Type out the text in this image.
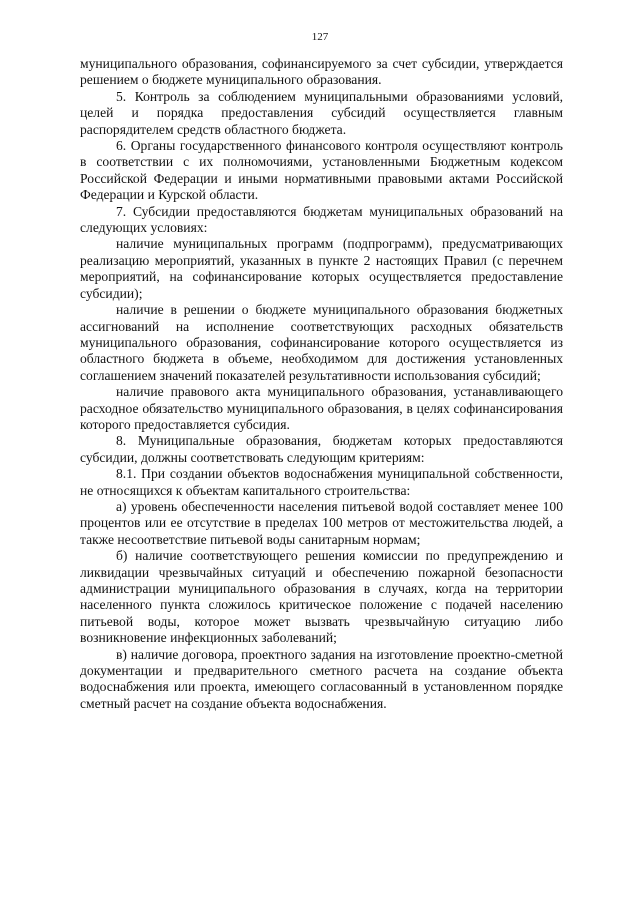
127

муниципального образования, софинансируемого за счет субсидии, утверждается решением о бюджете муниципального образования.

5. Контроль за соблюдением муниципальными образованиями условий, целей и порядка предоставления субсидий осуществляется главным распорядителем средств областного бюджета.

6. Органы государственного финансового контроля осуществляют контроль в соответствии с их полномочиями, установленными Бюджетным кодексом Российской Федерации и иными нормативными правовыми актами Российской Федерации и Курской области.

7. Субсидии предоставляются бюджетам муниципальных образований на следующих условиях:

наличие муниципальных программ (подпрограмм), предусматривающих реализацию мероприятий, указанных в пункте 2 настоящих Правил (с перечнем мероприятий, на софинансирование которых осуществляется предоставление субсидии);

наличие в решении о бюджете муниципального образования бюджетных ассигнований на исполнение соответствующих расходных обязательств муниципального образования, софинансирование которого осуществляется из областного бюджета в объеме, необходимом для достижения установленных соглашением значений показателей результативности использования субсидий;

наличие правового акта муниципального образования, устанавливающего расходное обязательство муниципального образования, в целях софинансирования которого предоставляется субсидия.

8. Муниципальные образования, бюджетам которых предоставляются субсидии, должны соответствовать следующим критериям:

8.1. При создании объектов водоснабжения муниципальной собственности, не относящихся к объектам капитального строительства:

а) уровень обеспеченности населения питьевой водой составляет менее 100 процентов или ее отсутствие в пределах 100 метров от местожительства людей, а также несоответствие питьевой воды санитарным нормам;

б) наличие соответствующего решения комиссии по предупреждению и ликвидации чрезвычайных ситуаций и обеспечению пожарной безопасности администрации муниципального образования в случаях, когда на территории населенного пункта сложилось критическое положение с подачей населению питьевой воды, которое может вызвать чрезвычайную ситуацию либо возникновение инфекционных заболеваний;

в) наличие договора, проектного задания на изготовление проектно-сметной документации и предварительного сметного расчета на создание объекта водоснабжения или проекта, имеющего согласованный в установленном порядке сметный расчет на создание объекта водоснабжения.
